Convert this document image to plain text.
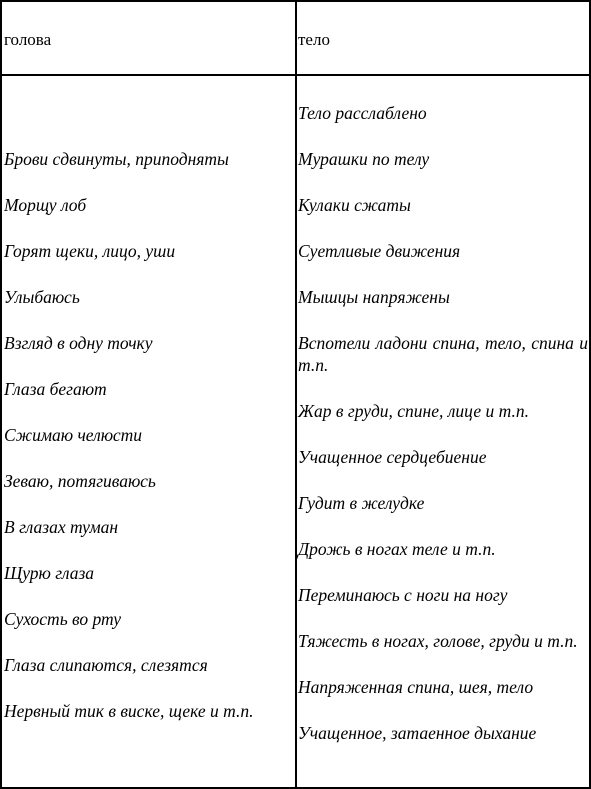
голова	тело
Брови сдвинуты, приподняты
Морщу лоб
Горят щеки, лицо, уши
Улыбаюсь
Взгляд в одну точку
Глаза бегают
Сжимаю челюсти
Зеваю, потягиваюсь
В глазах туман
Щурю глаза
Сухость во рту
Глаза слипаются, слезятся
Нервный тик в виске, щеке и т.п.
Тело расслаблено
Мурашки по телу
Кулаки сжаты
Суетливые движения
Мышцы напряжены
Вспотели ладони спина, тело, спина и т.п.
Жар в груди, спине, лице и т.п.
Учащенное сердцебиение
Гудит в желудке
Дрожь в ногах теле и т.п.
Переминаюсь с ноги на ногу
Тяжесть в ногах, голове, груди и т.п.
Напряженная спина, шея, тело
Учащенное, затаенное дыхание
